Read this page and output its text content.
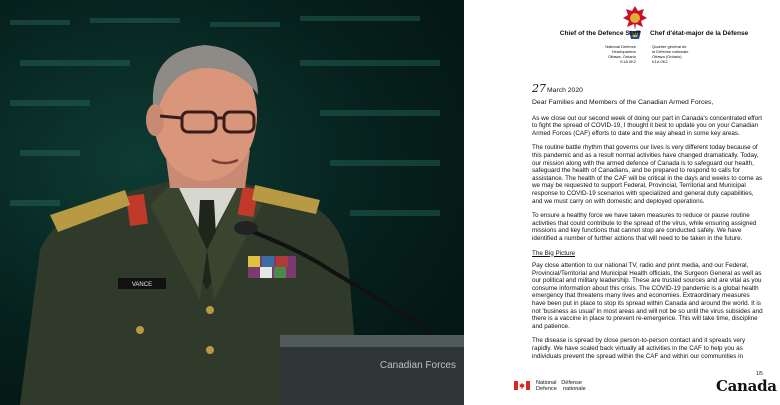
VANCE
Canadian Forces
Chief of the Defence Staff Chef d'état-major de la Défense
National Defence
Headquarters
Ottawa, Ontario
K1A 0K2
Quartier général de
la Défense nationale
Ottawa (Ontario)
K1A 0K2
27March 2020

Dear Families and Members of the Canadian Armed Forces,

As we close out our second week of doing our part in Canada's concentrated effort to fight the spread of COVID-19, I thought it best to update you on your Canadian Armed Forces (CAF) efforts to date and the way ahead in some key areas.

The routine battle rhythm that governs our lives is very different today because of this pandemic and as a result normal activities have changed dramatically. Today, our mission along with the armed defence of Canada is to safeguard our health, safeguard the health of Canadians, and be prepared to respond to calls for assistance. The health of the CAF will be critical in the days and weeks to come as we may be requested to support Federal, Provincial, Territorial and Municipal response to COVID-19 scenarios with specialized and general duty capabilities, and we must carry on with domestic and deployed operations.

To ensure a healthy force we have taken measures to reduce or pause routine activities that could contribute to the spread of the virus, while ensuring assigned missions and key functions that cannot stop are conducted safely. We have identified a number of further actions that will need to be taken in the future.

The Big Picture

Pay close attention to our national TV, radio and print media, and our Federal, Provincial/Territorial and Municipal Health officials, the Surgeon General as well as our political and military leadership. These are trusted sources and are vital as you consume information about this crisis. The COVID-19 pandemic is a global health emergency that threatens many lives and economies. Extraordinary measures have been put in place to stop its spread within Canada and around the world. It is not 'business as usual' in most areas and will not be so until the virus subsides and there is a vaccine in place to prevent re-emergence. This will take time, discipline and patience.

The disease is spread by close person-to-person contact and it spreads very rapidly. We have scaled back virtually all activities in the CAF to help you as individuals prevent the spread within the CAF and within our communities in

National Défense
Defence nationale	Canada
1/5
